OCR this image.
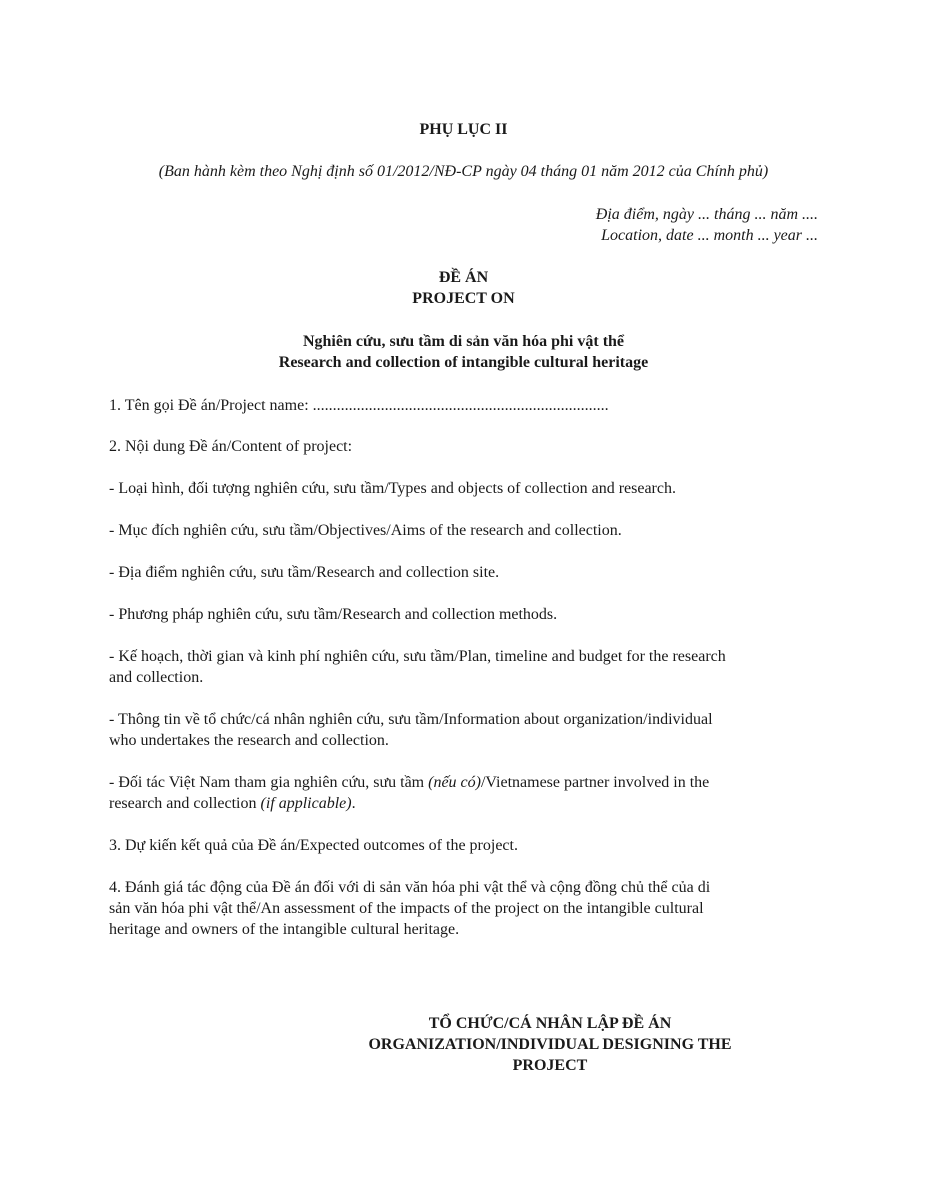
PHỤ LỤC II
(Ban hành kèm theo Nghị định số 01/2012/NĐ-CP ngày 04 tháng 01 năm 2012 của Chính phủ)
Địa điểm, ngày ... tháng ... năm ....
Location, date ... month ... year ...
ĐỀ ÁN
PROJECT ON
Nghiên cứu, sưu tầm di sản văn hóa phi vật thể
Research and collection of intangible cultural heritage
1. Tên gọi Đề án/Project name: ..........................................................................
2. Nội dung Đề án/Content of project:
- Loại hình, đối tượng nghiên cứu, sưu tầm/Types and objects of collection and research.
- Mục đích nghiên cứu, sưu tầm/Objectives/Aims of the research and collection.
- Địa điểm nghiên cứu, sưu tầm/Research and collection site.
- Phương pháp nghiên cứu, sưu tầm/Research and collection methods.
- Kế hoạch, thời gian và kinh phí nghiên cứu, sưu tầm/Plan, timeline and budget for the research
and collection.
- Thông tin về tổ chức/cá nhân nghiên cứu, sưu tầm/Information about organization/individual
who undertakes the research and collection.
- Đối tác Việt Nam tham gia nghiên cứu, sưu tầm (nếu có)/Vietnamese partner involved in the
research and collection (if applicable).
3. Dự kiến kết quả của Đề án/Expected outcomes of the project.
4. Đánh giá tác động của Đề án đối với di sản văn hóa phi vật thể và cộng đồng chủ thể của di
sản văn hóa phi vật thể/An assessment of the impacts of the project on the intangible cultural
heritage and owners of the intangible cultural heritage.
TỔ CHỨC/CÁ NHÂN LẬP ĐỀ ÁN
ORGANIZATION/INDIVIDUAL DESIGNING THE
PROJECT
